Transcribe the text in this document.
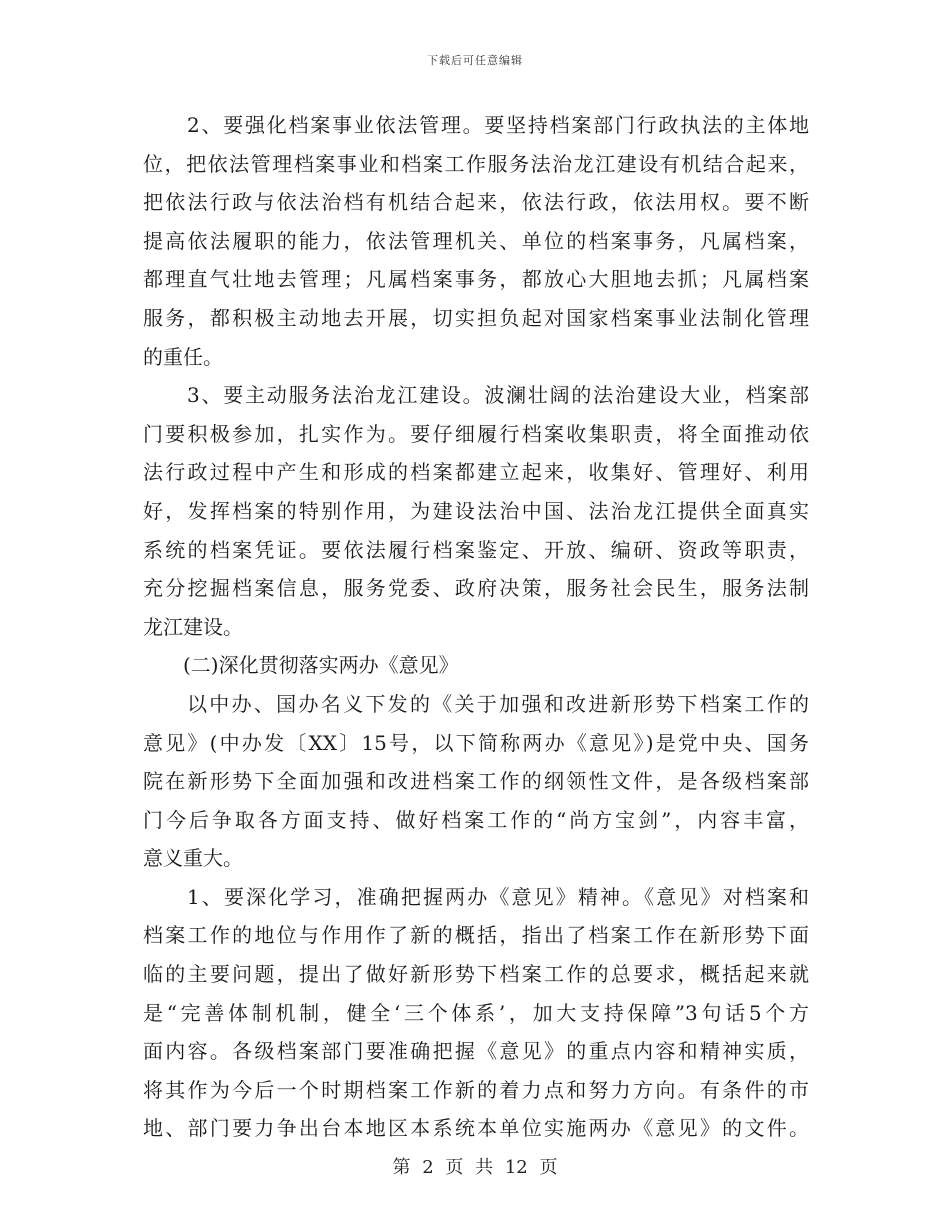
下载后可任意编辑
2、要强化档案事业依法管理。要坚持档案部门行政执法的主体地
位，把依法管理档案事业和档案工作服务法治龙江建设有机结合起来，
把依法行政与依法治档有机结合起来，依法行政，依法用权。要不断
提高依法履职的能力，依法管理机关、单位的档案事务，凡属档案，
都理直气壮地去管理；凡属档案事务，都放心大胆地去抓；凡属档案
服务，都积极主动地去开展，切实担负起对国家档案事业法制化管理
的重任。
3、要主动服务法治龙江建设。波澜壮阔的法治建设大业，档案部
门要积极参加，扎实作为。要仔细履行档案收集职责，将全面推动依
法行政过程中产生和形成的档案都建立起来，收集好、管理好、利用
好，发挥档案的特别作用，为建设法治中国、法治龙江提供全面真实
系统的档案凭证。要依法履行档案鉴定、开放、编研、资政等职责，
充分挖掘档案信息，服务党委、政府决策，服务社会民生，服务法制
龙江建设。
(二)深化贯彻落实两办《意见》
以中办、国办名义下发的《关于加强和改进新形势下档案工作的
意见》(中办发〔XX〕15号，以下简称两办《意见》)是党中央、国务
院在新形势下全面加强和改进档案工作的纲领性文件，是各级档案部
门今后争取各方面支持、做好档案工作的“尚方宝剑”，内容丰富，
意义重大。
1、要深化学习，准确把握两办《意见》精神。《意见》对档案和
档案工作的地位与作用作了新的概括，指出了档案工作在新形势下面
临的主要问题，提出了做好新形势下档案工作的总要求，概括起来就
是“完善体制机制，健全‘三个体系’，加大支持保障”3句话5个方
面内容。各级档案部门要准确把握《意见》的重点内容和精神实质，
将其作为今后一个时期档案工作新的着力点和努力方向。有条件的市
地、部门要力争出台本地区本系统本单位实施两办《意见》的文件。
第 2 页 共 12 页
